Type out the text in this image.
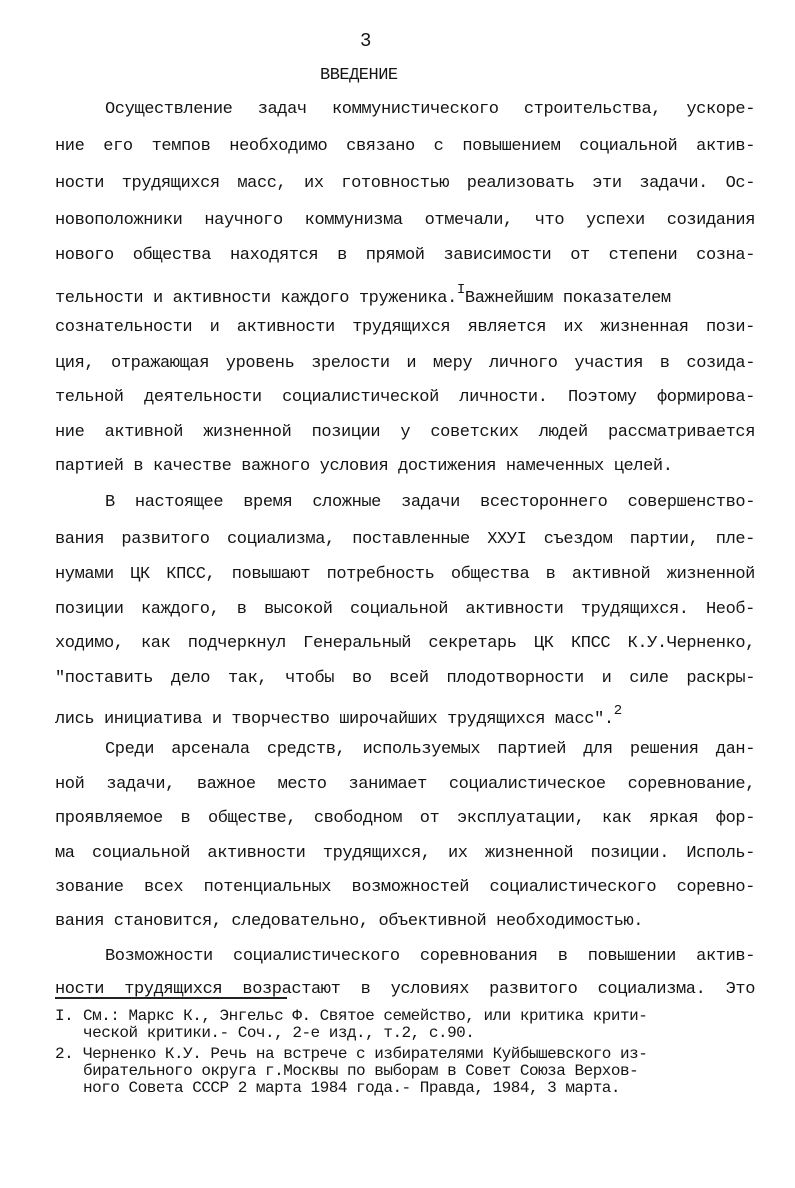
3
ВВЕДЕНИЕ
Осуществление задач коммунистического строительства, ускоре-
ние его темпов необходимо связано с повышением социальной актив-
ности трудящихся масс, их готовностью реализовать эти задачи. Ос-
новоположники научного коммунизма отмечали, что успехи созидания
нового общества находятся в прямой зависимости от степени созна-
тельности и активности каждого труженика.$^I$Важнейшим показателем
сознательности и активности трудящихся является их жизненная пози-
ция, отражающая уровень зрелости и меру личного участия в созида-
тельной деятельности социалистической личности. Поэтому формирова-
ние активной жизненной позиции у советских людей рассматривается
партией в качестве важного условия достижения намеченных целей.
В настоящее время сложные задачи всестороннего совершенство-
вания развитого социализма, поставленные XXУI съездом партии, пле-
нумами ЦК КПСС, повышают потребность общества в активной жизненной
позиции каждого, в высокой социальной активности трудящихся. Необ-
ходимо, как подчеркнул Генеральный секретарь ЦК КПСС К.У.Черненко,
"поставить дело так, чтобы во всей плодотворности и силе раскры-
лись инициатива и творчество широчайших трудящихся масс".$^2$
Среди арсенала средств, используемых партией для решения дан-
ной задачи, важное место занимает социалистическое соревнование,
проявляемое в обществе, свободном от эксплуатации, как яркая фор-
ма социальной активности трудящихся, их жизненной позиции. Исполь-
зование всех потенциальных возможностей социалистического соревно-
вания становится, следовательно, объективной необходимостью.
Возможности социалистического соревнования в повышении актив-
ности трудящихся возрастают в условиях развитого социализма. Это
I. См.: Маркс К., Энгельс Ф. Святое семейство, или критика крити-
ческой критики.- Соч., 2-е изд., т.2, с.90.
2. Черненко К.У. Речь на встрече с избирателями Куйбышевского из-
бирательного округа г.Москвы по выборам в Совет Союза Верхов-
ного Совета СССР 2 марта 1984 года.- Правда, 1984, 3 марта.
